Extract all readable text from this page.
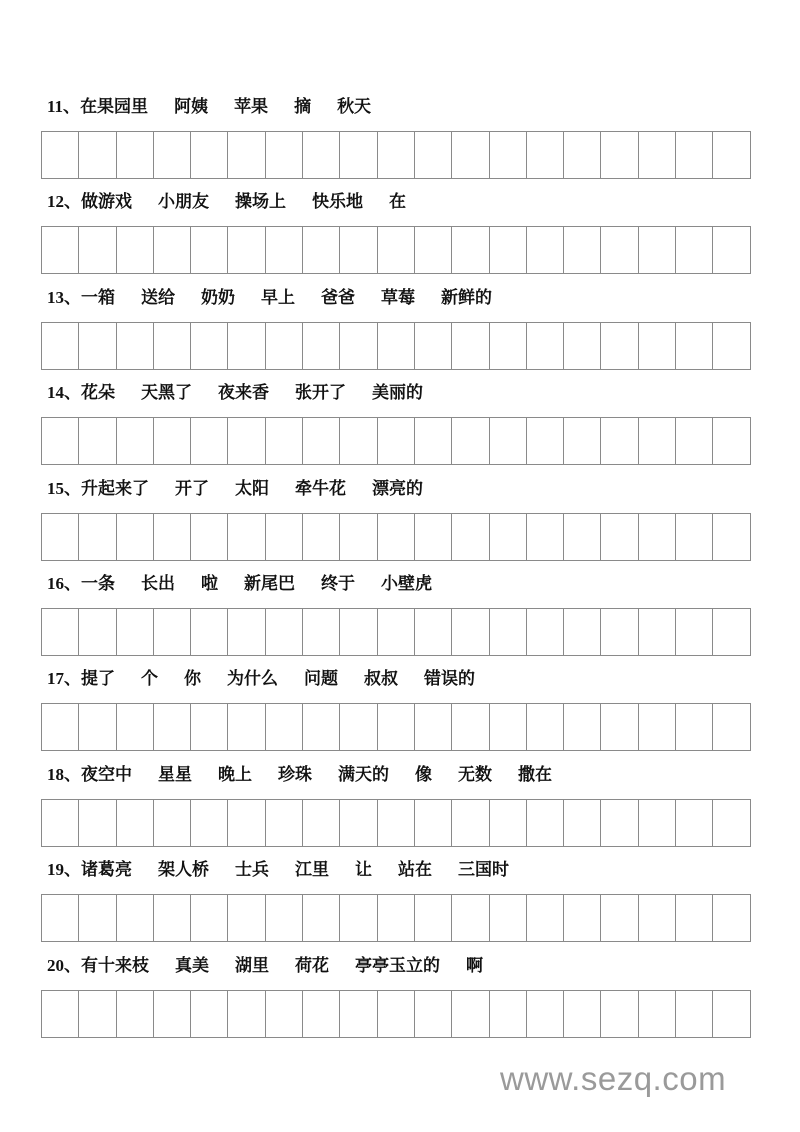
11、在果园里 阿姨 苹果 摘 秋天
12、做游戏 小朋友 操场上 快乐地 在
13、一箱 送给 奶奶 早上 爸爸 草莓 新鲜的
14、花朵 天黑了 夜来香 张开了 美丽的
15、升起来了 开了 太阳 牵牛花 漂亮的
16、一条 长出 啦 新尾巴 终于 小壁虎
17、提了 个 你 为什么 问题 叔叔 错误的
18、夜空中 星星 晚上 珍珠 满天的 像 无数 撒在
19、诸葛亮 架人桥 士兵 江里 让 站在 三国时
20、有十来枝 真美 湖里 荷花 亭亭玉立的 啊
www.sezq.com
